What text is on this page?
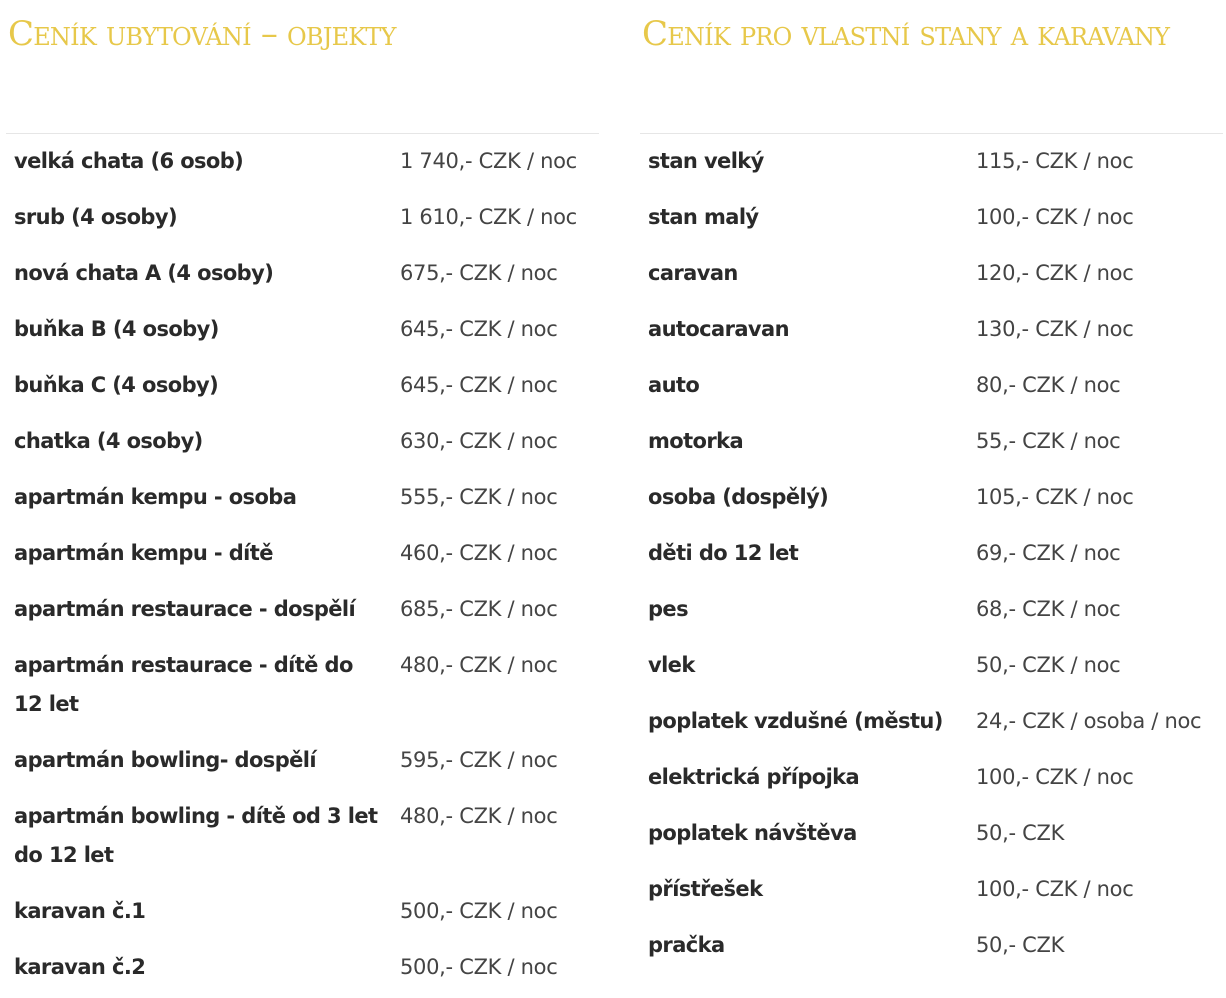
Ceník ubytování – objekty
velká chata (6 osob)	1 740,- CZK / noc
srub (4 osoby)	1 610,- CZK / noc
nová chata A (4 osoby)	675,- CZK / noc
buňka B (4 osoby)	645,- CZK / noc
buňka C (4 osoby)	645,- CZK / noc
chatka (4 osoby)	630,- CZK / noc
apartmán kempu - osoba	555,- CZK / noc
apartmán kempu - dítě	460,- CZK / noc
apartmán restaurace - dospělí	685,- CZK / noc
apartmán restaurace - dítě do 12 let	480,- CZK / noc
apartmán bowling- dospělí	595,- CZK / noc
apartmán bowling - dítě od 3 let do 12 let	480,- CZK / noc
karavan č.1	500,- CZK / noc
karavan č.2	500,- CZK / noc
Ceník pro vlastní stany a karavany
stan velký	115,- CZK / noc
stan malý	100,- CZK / noc
caravan	120,- CZK / noc
autocaravan	130,- CZK / noc
auto	80,- CZK / noc
motorka	55,- CZK / noc
osoba (dospělý)	105,- CZK / noc
děti do 12 let	69,- CZK / noc
pes	68,- CZK / noc
vlek	50,- CZK / noc
poplatek vzdušné (městu)	24,- CZK / osoba / noc
elektrická přípojka	100,- CZK / noc
poplatek návštěva	50,- CZK
přístřešek	100,- CZK / noc
pračka	50,- CZK
